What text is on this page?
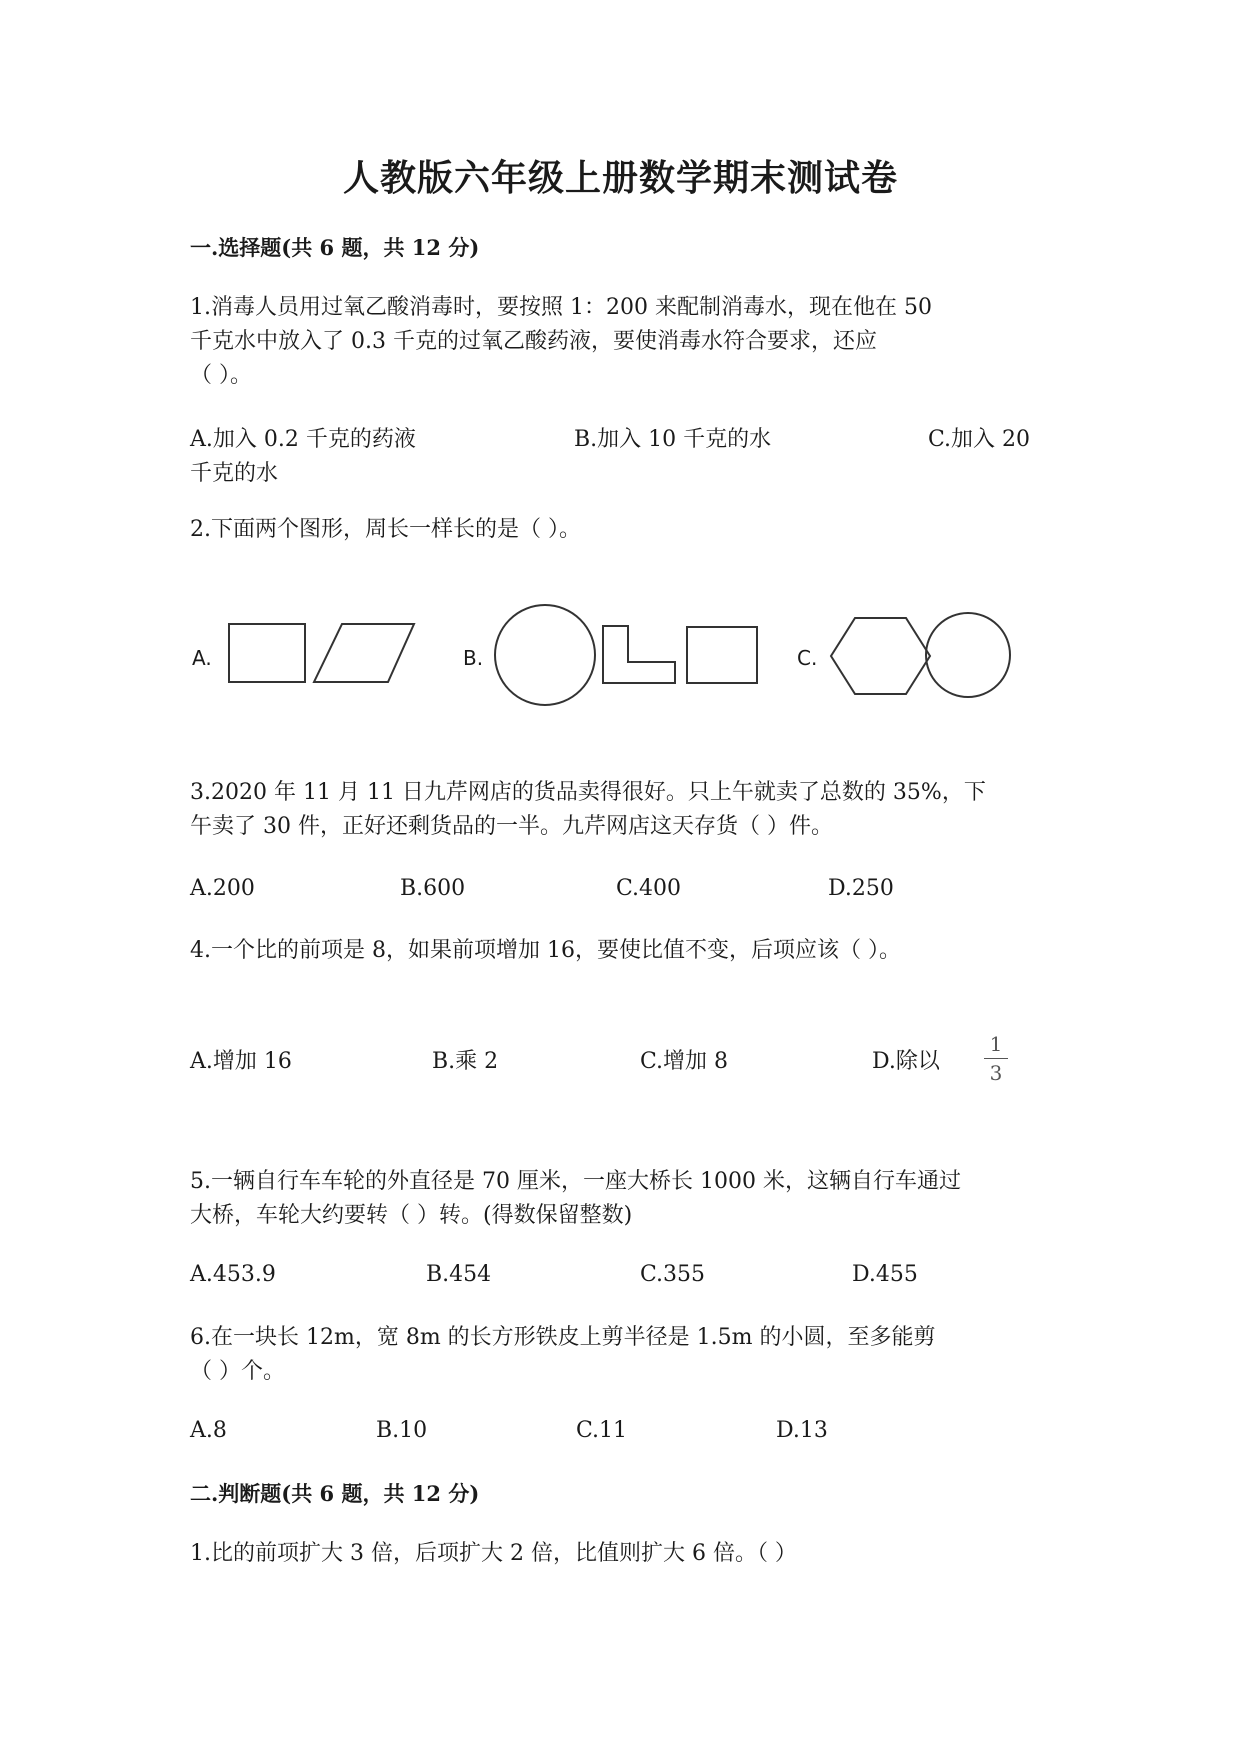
人教版六年级上册数学期末测试卷
一.选择题(共 6 题，共 12 分)
1.消毒人员用过氧乙酸消毒时，要按照 1：200 来配制消毒水，现在他在 50
千克水中放入了 0.3 千克的过氧乙酸药液，要使消毒水符合要求，还应
（ ）。
A.加入 0.2 千克的药液	B.加入 10 千克的水	C.加入 20
千克的水
2.下面两个图形，周长一样长的是（ ）。
A.	B.	C.
3.2020 年 11 月 11 日九芹网店的货品卖得很好。只上午就卖了总数的 35%，下
午卖了 30 件，正好还剩货品的一半。九芹网店这天存货（ ）件。
A.200	B.600	C.400	D.250
4.一个比的前项是 8，如果前项增加 16，要使比值不变，后项应该（ ）。
A.增加 16	B.乘 2	C.增加 8	D.除以
1
3
5.一辆自行车车轮的外直径是 70 厘米，一座大桥长 1000 米，这辆自行车通过
大桥，车轮大约要转（ ）转。(得数保留整数)
A.453.9	B.454	C.355	D.455
6.在一块长 12m，宽 8m 的长方形铁皮上剪半径是 1.5m 的小圆，至多能剪
（ ）个。
A.8	B.10	C.11	D.13
二.判断题(共 6 题，共 12 分)
1.比的前项扩大 3 倍，后项扩大 2 倍，比值则扩大 6 倍。（ ）
